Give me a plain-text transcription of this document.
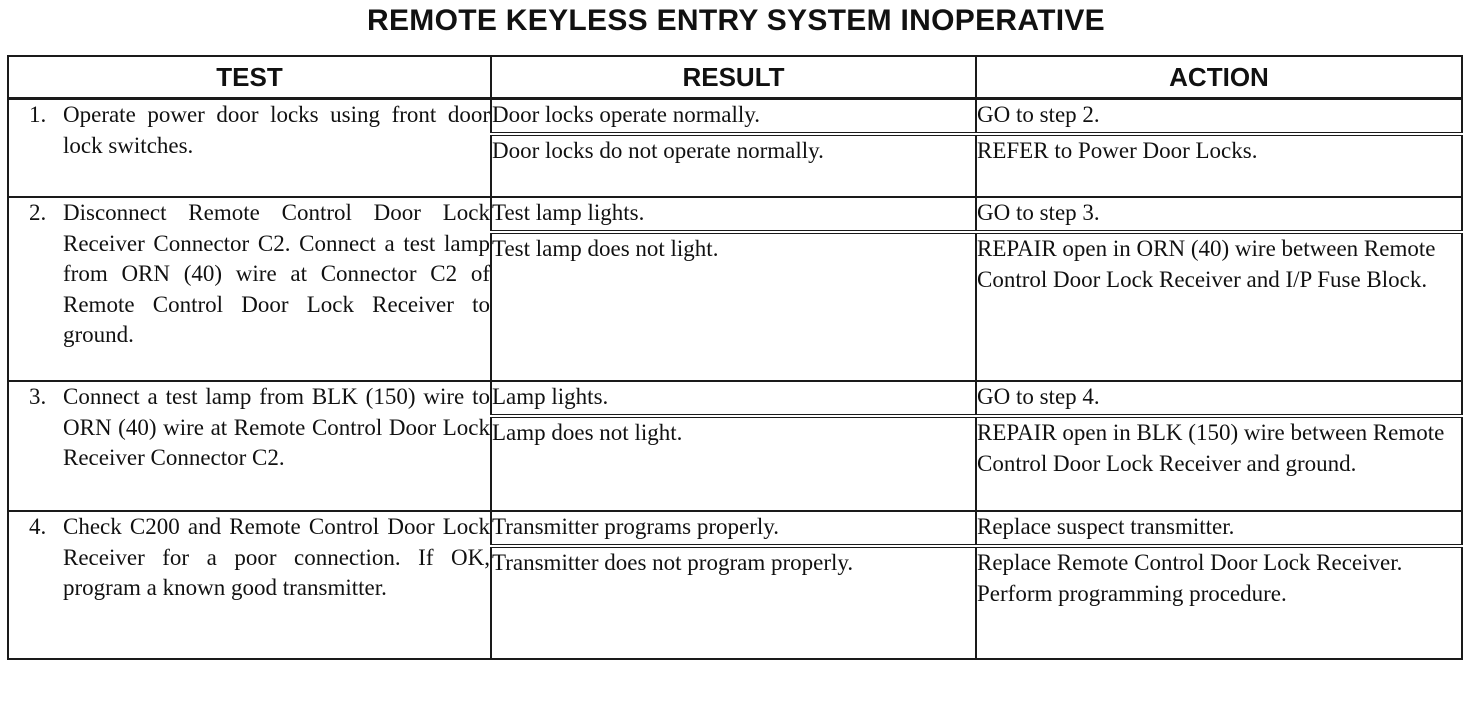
REMOTE KEYLESS ENTRY SYSTEM INOPERATIVE
TEST	RESULT	ACTION

1. Operate power door locks using front door lock switches.	Door locks operate normally.	GO to step 2.
	Door locks do not operate normally.	REFER to Power Door Locks.

2. Disconnect Remote Control Door Lock Receiver Connector C2. Connect a test lamp from ORN (40) wire at Connector C2 of Remote Control Door Lock Receiver to ground.	Test lamp lights.	GO to step 3.
	Test lamp does not light.	REPAIR open in ORN (40) wire between Remote Control Door Lock Receiver and I/P Fuse Block.

3. Connect a test lamp from BLK (150) wire to ORN (40) wire at Remote Control Door Lock Receiver Connector C2.	Lamp lights.	GO to step 4.
	Lamp does not light.	REPAIR open in BLK (150) wire between Remote Control Door Lock Receiver and ground.

4. Check C200 and Remote Control Door Lock Receiver for a poor connection. If OK, program a known good transmitter.	Transmitter programs properly.	Replace suspect transmitter.
	Transmitter does not program properly.	Replace Remote Control Door Lock Receiver. Perform programming procedure.
